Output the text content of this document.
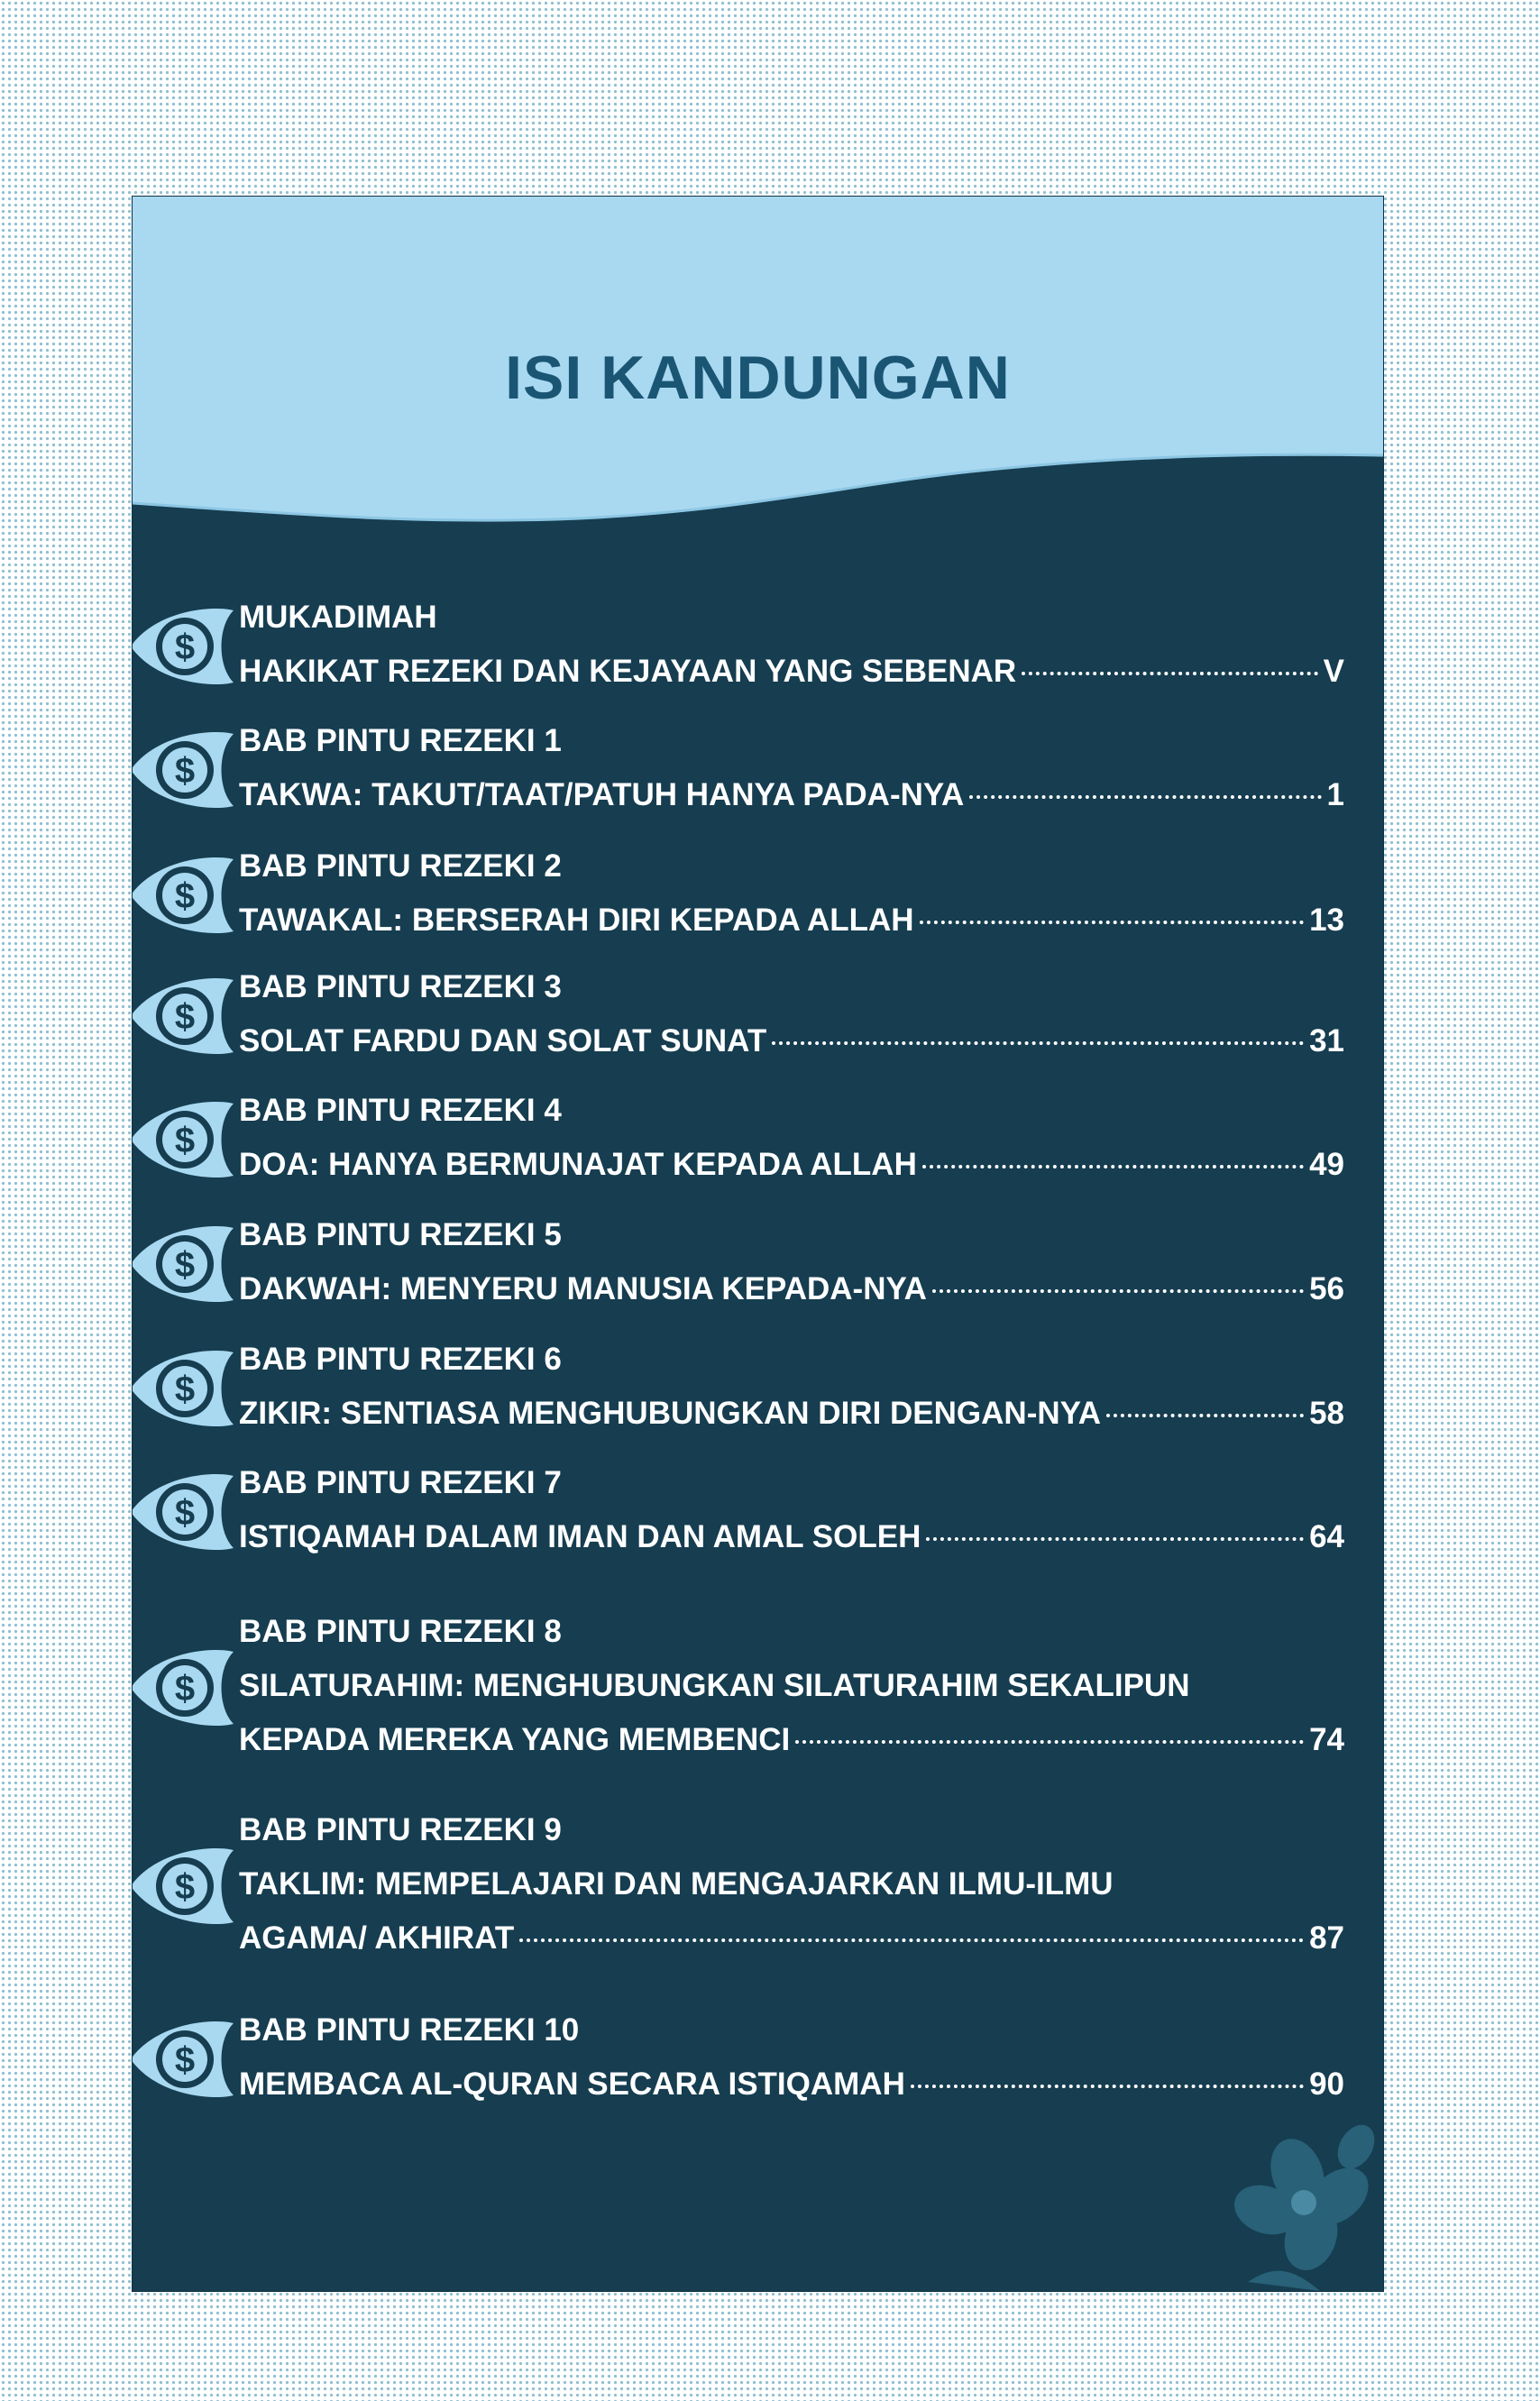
ISI KANDUNGAN
$
MUKADIMAH
HAKIKAT REZEKI DAN KEJAYAAN YANG SEBENAR	V
$
BAB PINTU REZEKI 1
TAKWA: TAKUT/TAAT/PATUH HANYA PADA-NYA	1
$
BAB PINTU REZEKI 2
TAWAKAL: BERSERAH DIRI KEPADA ALLAH	13
$
BAB PINTU REZEKI 3
SOLAT FARDU DAN SOLAT SUNAT	31
$
BAB PINTU REZEKI 4
DOA: HANYA BERMUNAJAT KEPADA ALLAH	49
$
BAB PINTU REZEKI 5
DAKWAH: MENYERU MANUSIA KEPADA-NYA	56
$
BAB PINTU REZEKI 6
ZIKIR: SENTIASA MENGHUBUNGKAN DIRI DENGAN-NYA	58
$
BAB PINTU REZEKI 7
ISTIQAMAH DALAM IMAN DAN AMAL SOLEH	64
$
BAB PINTU REZEKI 8
SILATURAHIM: MENGHUBUNGKAN SILATURAHIM SEKALIPUN
KEPADA MEREKA YANG MEMBENCI	74
$
BAB PINTU REZEKI 9
TAKLIM: MEMPELAJARI DAN MENGAJARKAN ILMU-ILMU
AGAMA/ AKHIRAT	87
$
BAB PINTU REZEKI 10
MEMBACA AL-QURAN SECARA ISTIQAMAH	90
